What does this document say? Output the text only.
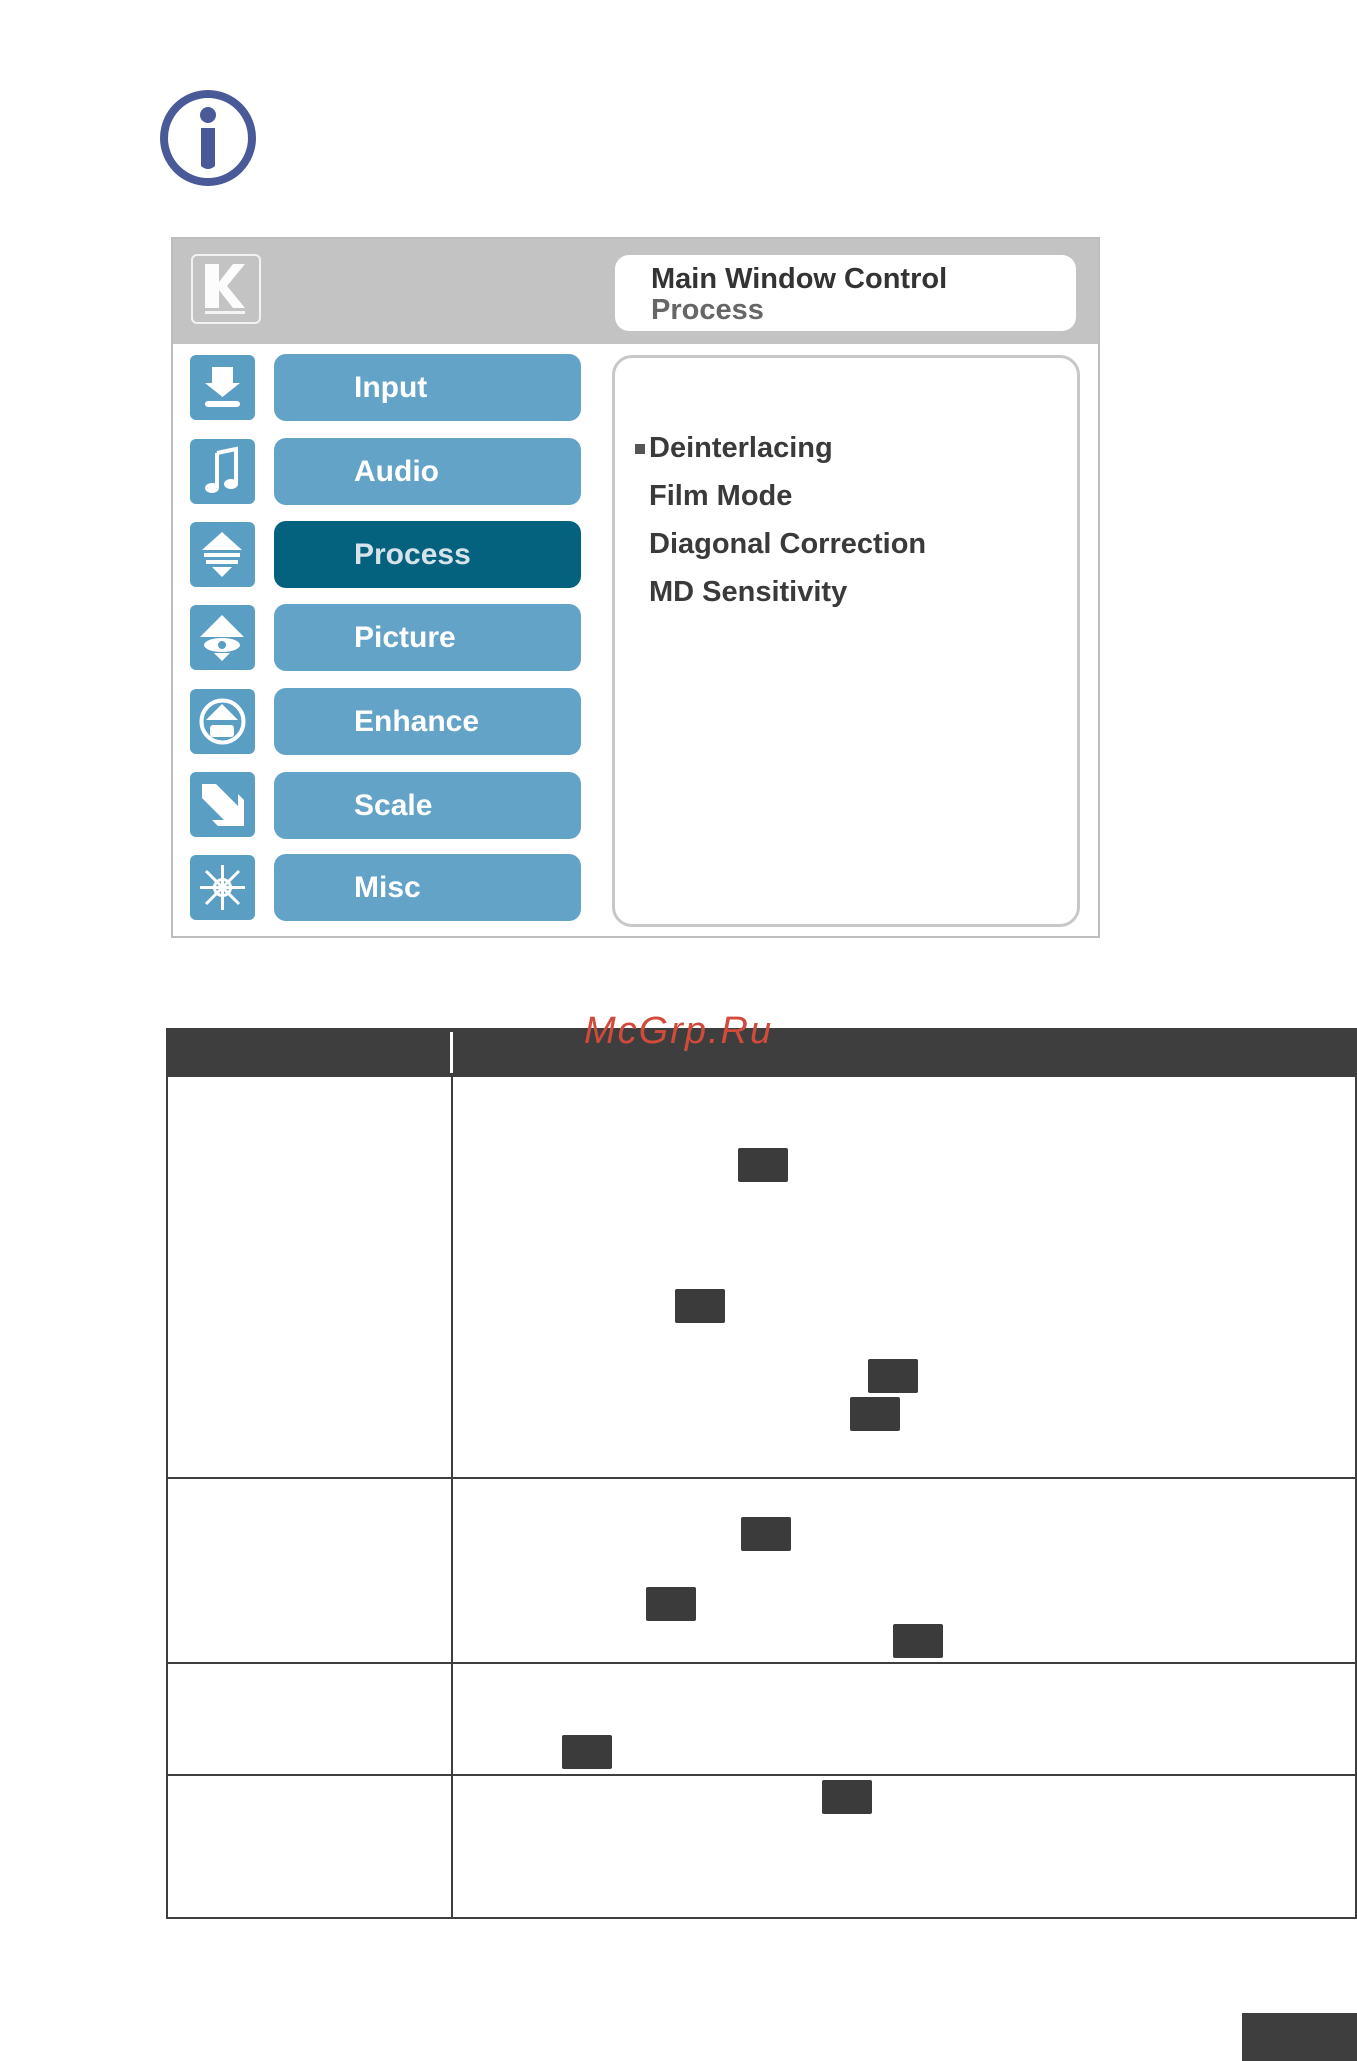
Main Window Control
Process
Input
Audio
Process
Picture
Enhance
Scale
Misc
Deinterlacing
Film Mode
Diagonal Correction
MD Sensitivity
McGrp.Ru
